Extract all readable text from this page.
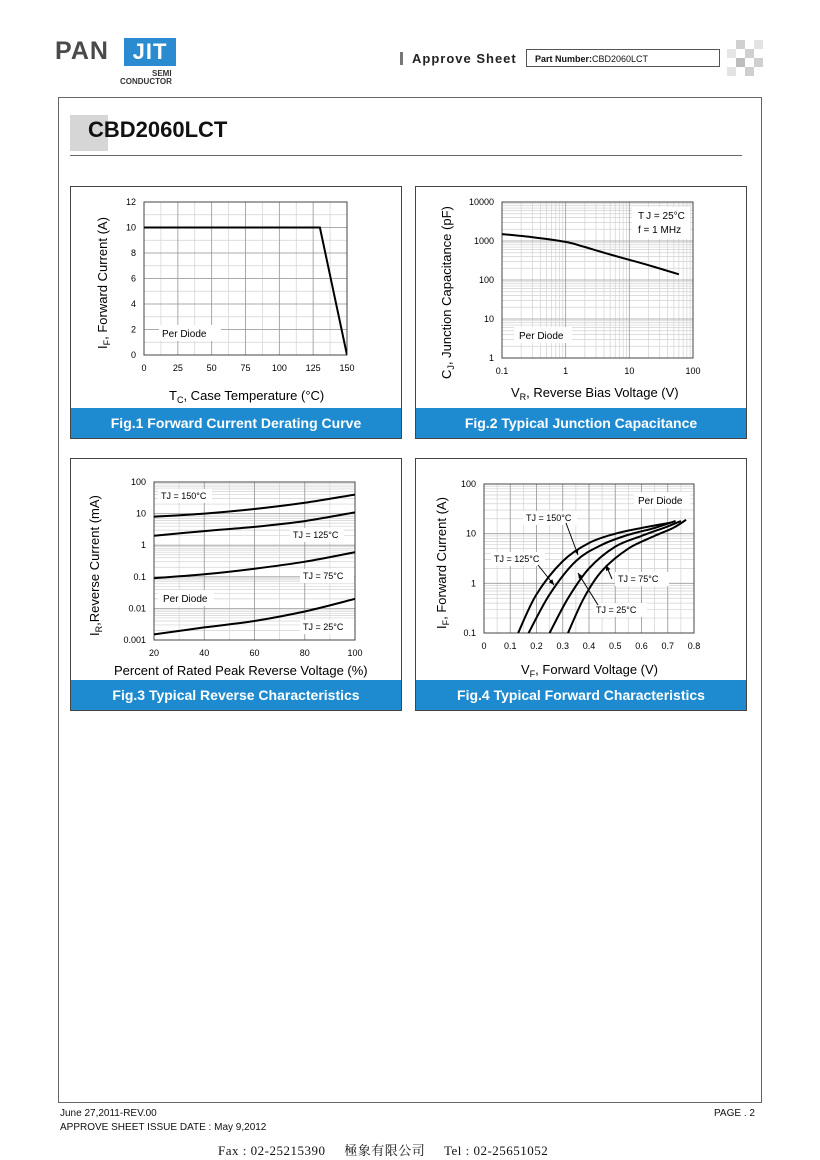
PAN	JIT
SEMI
CONDUCTOR
Approve Sheet	Part Number:CBD2060LCT
CBD2060LCT
0	25	50	75 100 125 150
0
2
4
6
8
10
12
Per Diode
$T_C$, Case Temperature (°C)
$I_F$, Forward Current (A)
Fig.1 Forward Current Derating Curve
0.1	1	10	100
1
10
100
1000
10000
Per Diode
T J = 25°C
f = 1 MHz
$V_R$, Reverse Bias Voltage (V)
$C_J$, Junction Capacitance (pF)
Fig.2 Typical Junction Capacitance
20	40	60	80	100
0.001
0.01
0.1
1
10
100
Per Diode
TJ = 150°C
TJ = 125°C
TJ = 75°C
TJ = 25°C
Percent of Rated Peak Reverse Voltage (%)
$I_R,Reverse$ Current (mA)
Fig.3 Typical Reverse Characteristics
0 0.1 0.2 0.3 0.4 0.5 0.6 0.7 0.8
0.1
1
10
100
Per Diode
TJ = 150°C
TJ = 125°C
TJ = 75°C
TJ = 25°C
$V_F$, Forward Voltage (V)
$I_F$, Forward Current (A)
Fig.4 Typical Forward Characteristics
June 27,2011-REV.00
APPROVE SHEET ISSUE DATE : May 9,2012
PAGE . 2
Fax : 02-25215390     極象有限公司     Tel : 02-25651052
